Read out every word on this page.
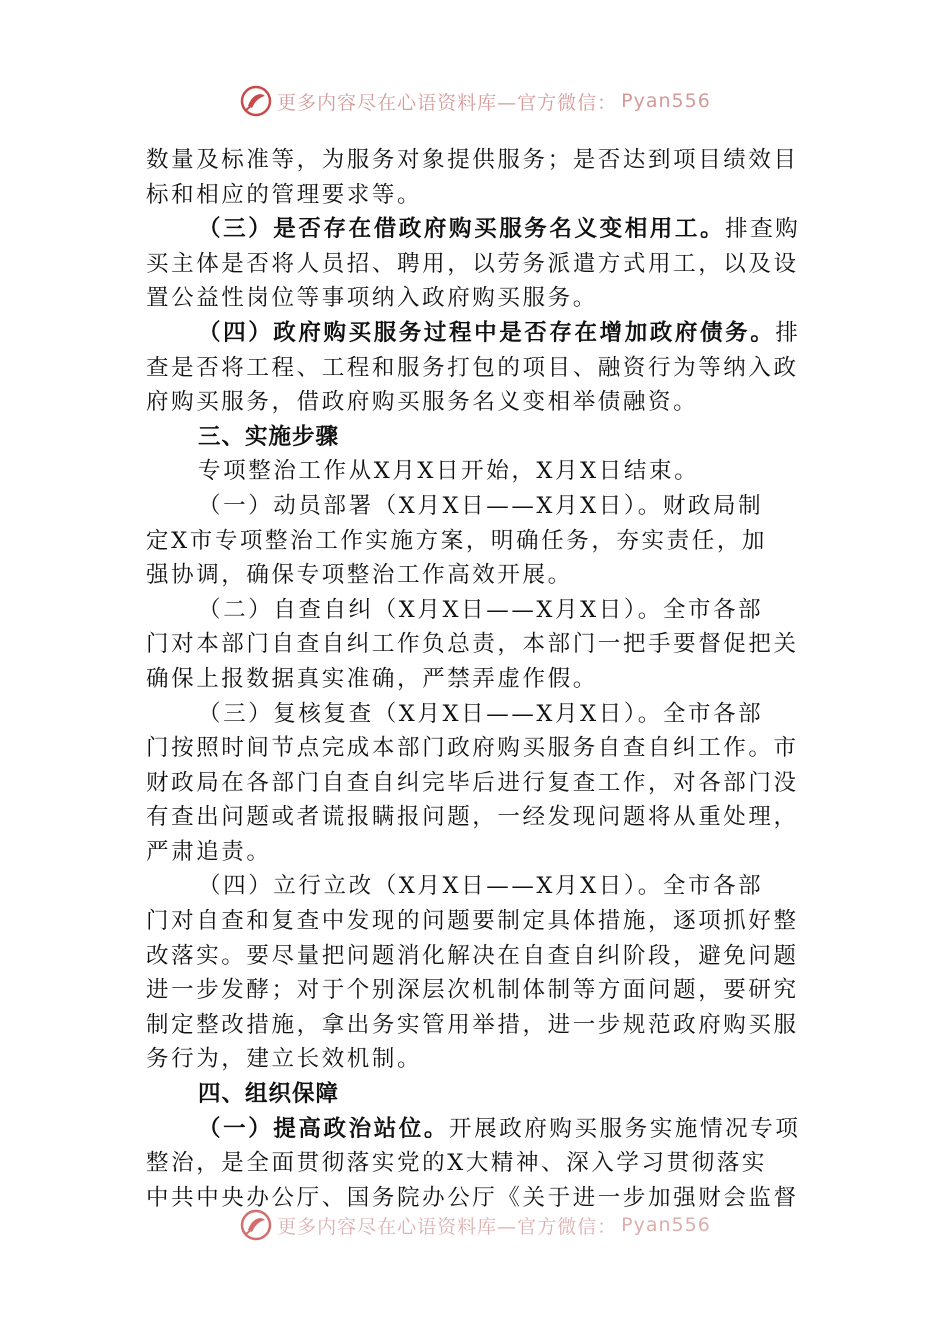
更多内容尽在心语资料库—官方微信： Pyan556
数量及标准等，为服务对象提供服务；是否达到项目绩效目
标和相应的管理要求等。
（三）是否存在借政府购买服务名义变相用工。排查购
买主体是否将人员招、聘用，以劳务派遣方式用工，以及设
置公益性岗位等事项纳入政府购买服务。
（四）政府购买服务过程中是否存在增加政府债务。排
查是否将工程、工程和服务打包的项目、融资行为等纳入政
府购买服务，借政府购买服务名义变相举债融资。
三、实施步骤
专项整治工作从X月X日开始，X月X日结束。
（一）动员部署（X月X日——X月X日）。财政局制
定X市专项整治工作实施方案，明确任务，夯实责任，加
强协调，确保专项整治工作高效开展。
（二）自查自纠（X月X日——X月X日）。全市各部
门对本部门自查自纠工作负总责，本部门一把手要督促把关
确保上报数据真实准确，严禁弄虚作假。
（三）复核复查（X月X日——X月X日）。全市各部
门按照时间节点完成本部门政府购买服务自查自纠工作。市
财政局在各部门自查自纠完毕后进行复查工作，对各部门没
有查出问题或者谎报瞒报问题，一经发现问题将从重处理，
严肃追责。
（四）立行立改（X月X日——X月X日）。全市各部
门对自查和复查中发现的问题要制定具体措施，逐项抓好整
改落实。要尽量把问题消化解决在自查自纠阶段，避免问题
进一步发酵；对于个别深层次机制体制等方面问题，要研究
制定整改措施，拿出务实管用举措，进一步规范政府购买服
务行为，建立长效机制。
四、组织保障
（一）提高政治站位。开展政府购买服务实施情况专项
整治，是全面贯彻落实党的X大精神、深入学习贯彻落实
中共中央办公厅、国务院办公厅《关于进一步加强财会监督
更多内容尽在心语资料库—官方微信： Pyan556
